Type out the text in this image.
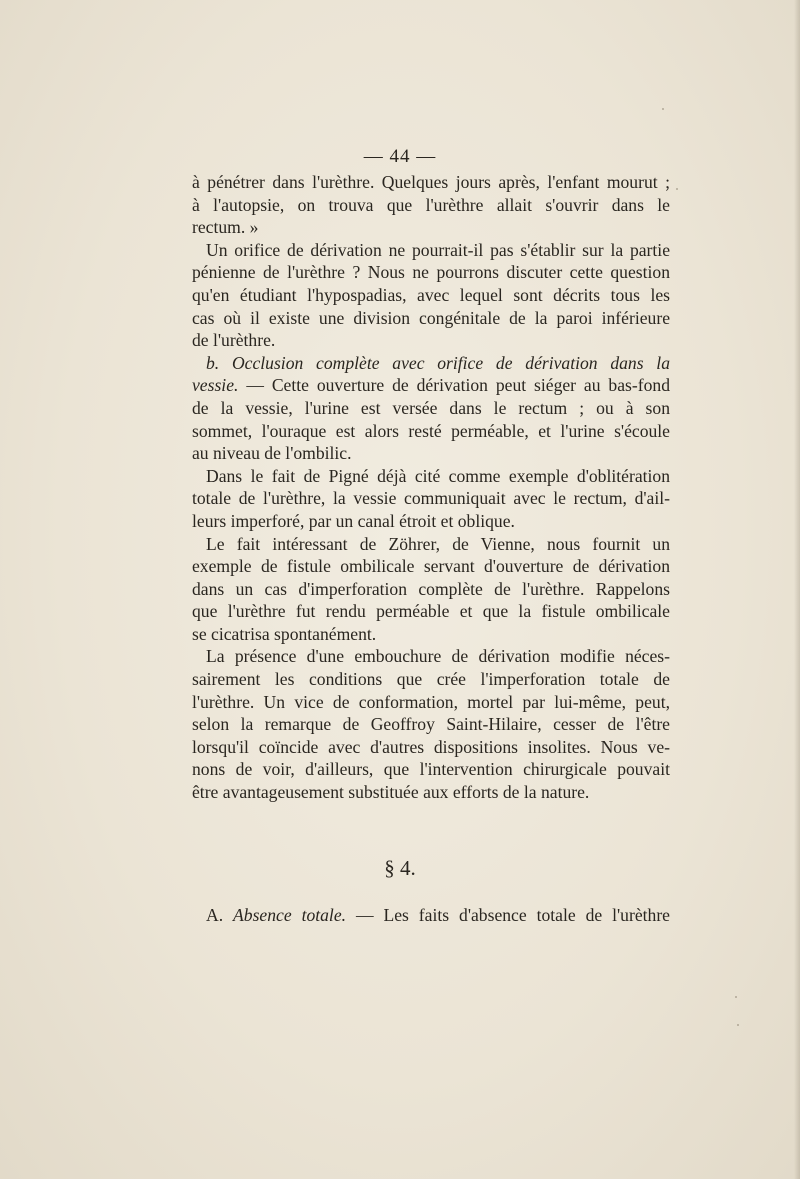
— 44 —
à pénétrer dans l'urèthre. Quelques jours après, l'enfant mourut ;
à l'autopsie, on trouva que l'urèthre allait s'ouvrir dans le
rectum. »
Un orifice de dérivation ne pourrait-il pas s'établir sur la partie
pénienne de l'urèthre ? Nous ne pourrons discuter cette question
qu'en étudiant l'hypospadias, avec lequel sont décrits tous les
cas où il existe une division congénitale de la paroi inférieure
de l'urèthre.
b. Occlusion complète avec orifice de dérivation dans la
vessie. — Cette ouverture de dérivation peut siéger au bas-fond
de la vessie, l'urine est versée dans le rectum ; ou à son
sommet, l'ouraque est alors resté perméable, et l'urine s'écoule
au niveau de l'ombilic.
Dans le fait de Pigné déjà cité comme exemple d'oblitération
totale de l'urèthre, la vessie communiquait avec le rectum, d'ail-
leurs imperforé, par un canal étroit et oblique.
Le fait intéressant de Zöhrer, de Vienne, nous fournit un
exemple de fistule ombilicale servant d'ouverture de dérivation
dans un cas d'imperforation complète de l'urèthre. Rappelons
que l'urèthre fut rendu perméable et que la fistule ombilicale
se cicatrisa spontanément.
La présence d'une embouchure de dérivation modifie néces-
sairement les conditions que crée l'imperforation totale de
l'urèthre. Un vice de conformation, mortel par lui-même, peut,
selon la remarque de Geoffroy Saint-Hilaire, cesser de l'être
lorsqu'il coïncide avec d'autres dispositions insolites. Nous ve-
nons de voir, d'ailleurs, que l'intervention chirurgicale pouvait
être avantageusement substituée aux efforts de la nature.
§ 4.
A. Absence totale. — Les faits d'absence totale de l'urèthre
